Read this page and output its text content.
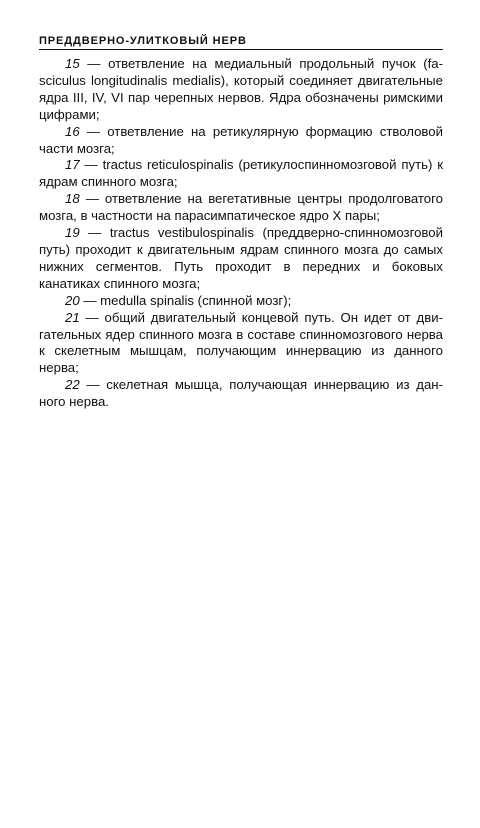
ПРЕДДВЕРНО-УЛИТКОВЫЙ НЕРВ

15 — ответвление на медиальный продольный пучок (fasciculus longitudinalis medialis), который соединяет двигательные ядра III, IV, VI пар черепных нервов. Ядра обозначены римскими цифрами;

16 — ответвление на ретикулярную формацию стволовой части мозга;

17 — tractus reticulospinalis (ретикулоспинномозговой путь) к ядрам спинного мозга;

18 — ответвление на вегетативные центры продолговатого мозга, в частности на парасимпатическое ядро X пары;

19 — tractus vestibulospinalis (преддверно-спинномозговой путь) проходит к двигательным ядрам спинного мозга до самых нижних сегментов. Путь проходит в передних и боковых канатиках спинного мозга;

20 — medulla spinalis (спинной мозг);

21 — общий двигательный концевой путь. Он идет от двигательных ядер спинного мозга в составе спинномозгового нерва к скелетным мышцам, получающим иннервацию из данного нерва;

22 — скелетная мышца, получающая иннервацию из данного нерва.
